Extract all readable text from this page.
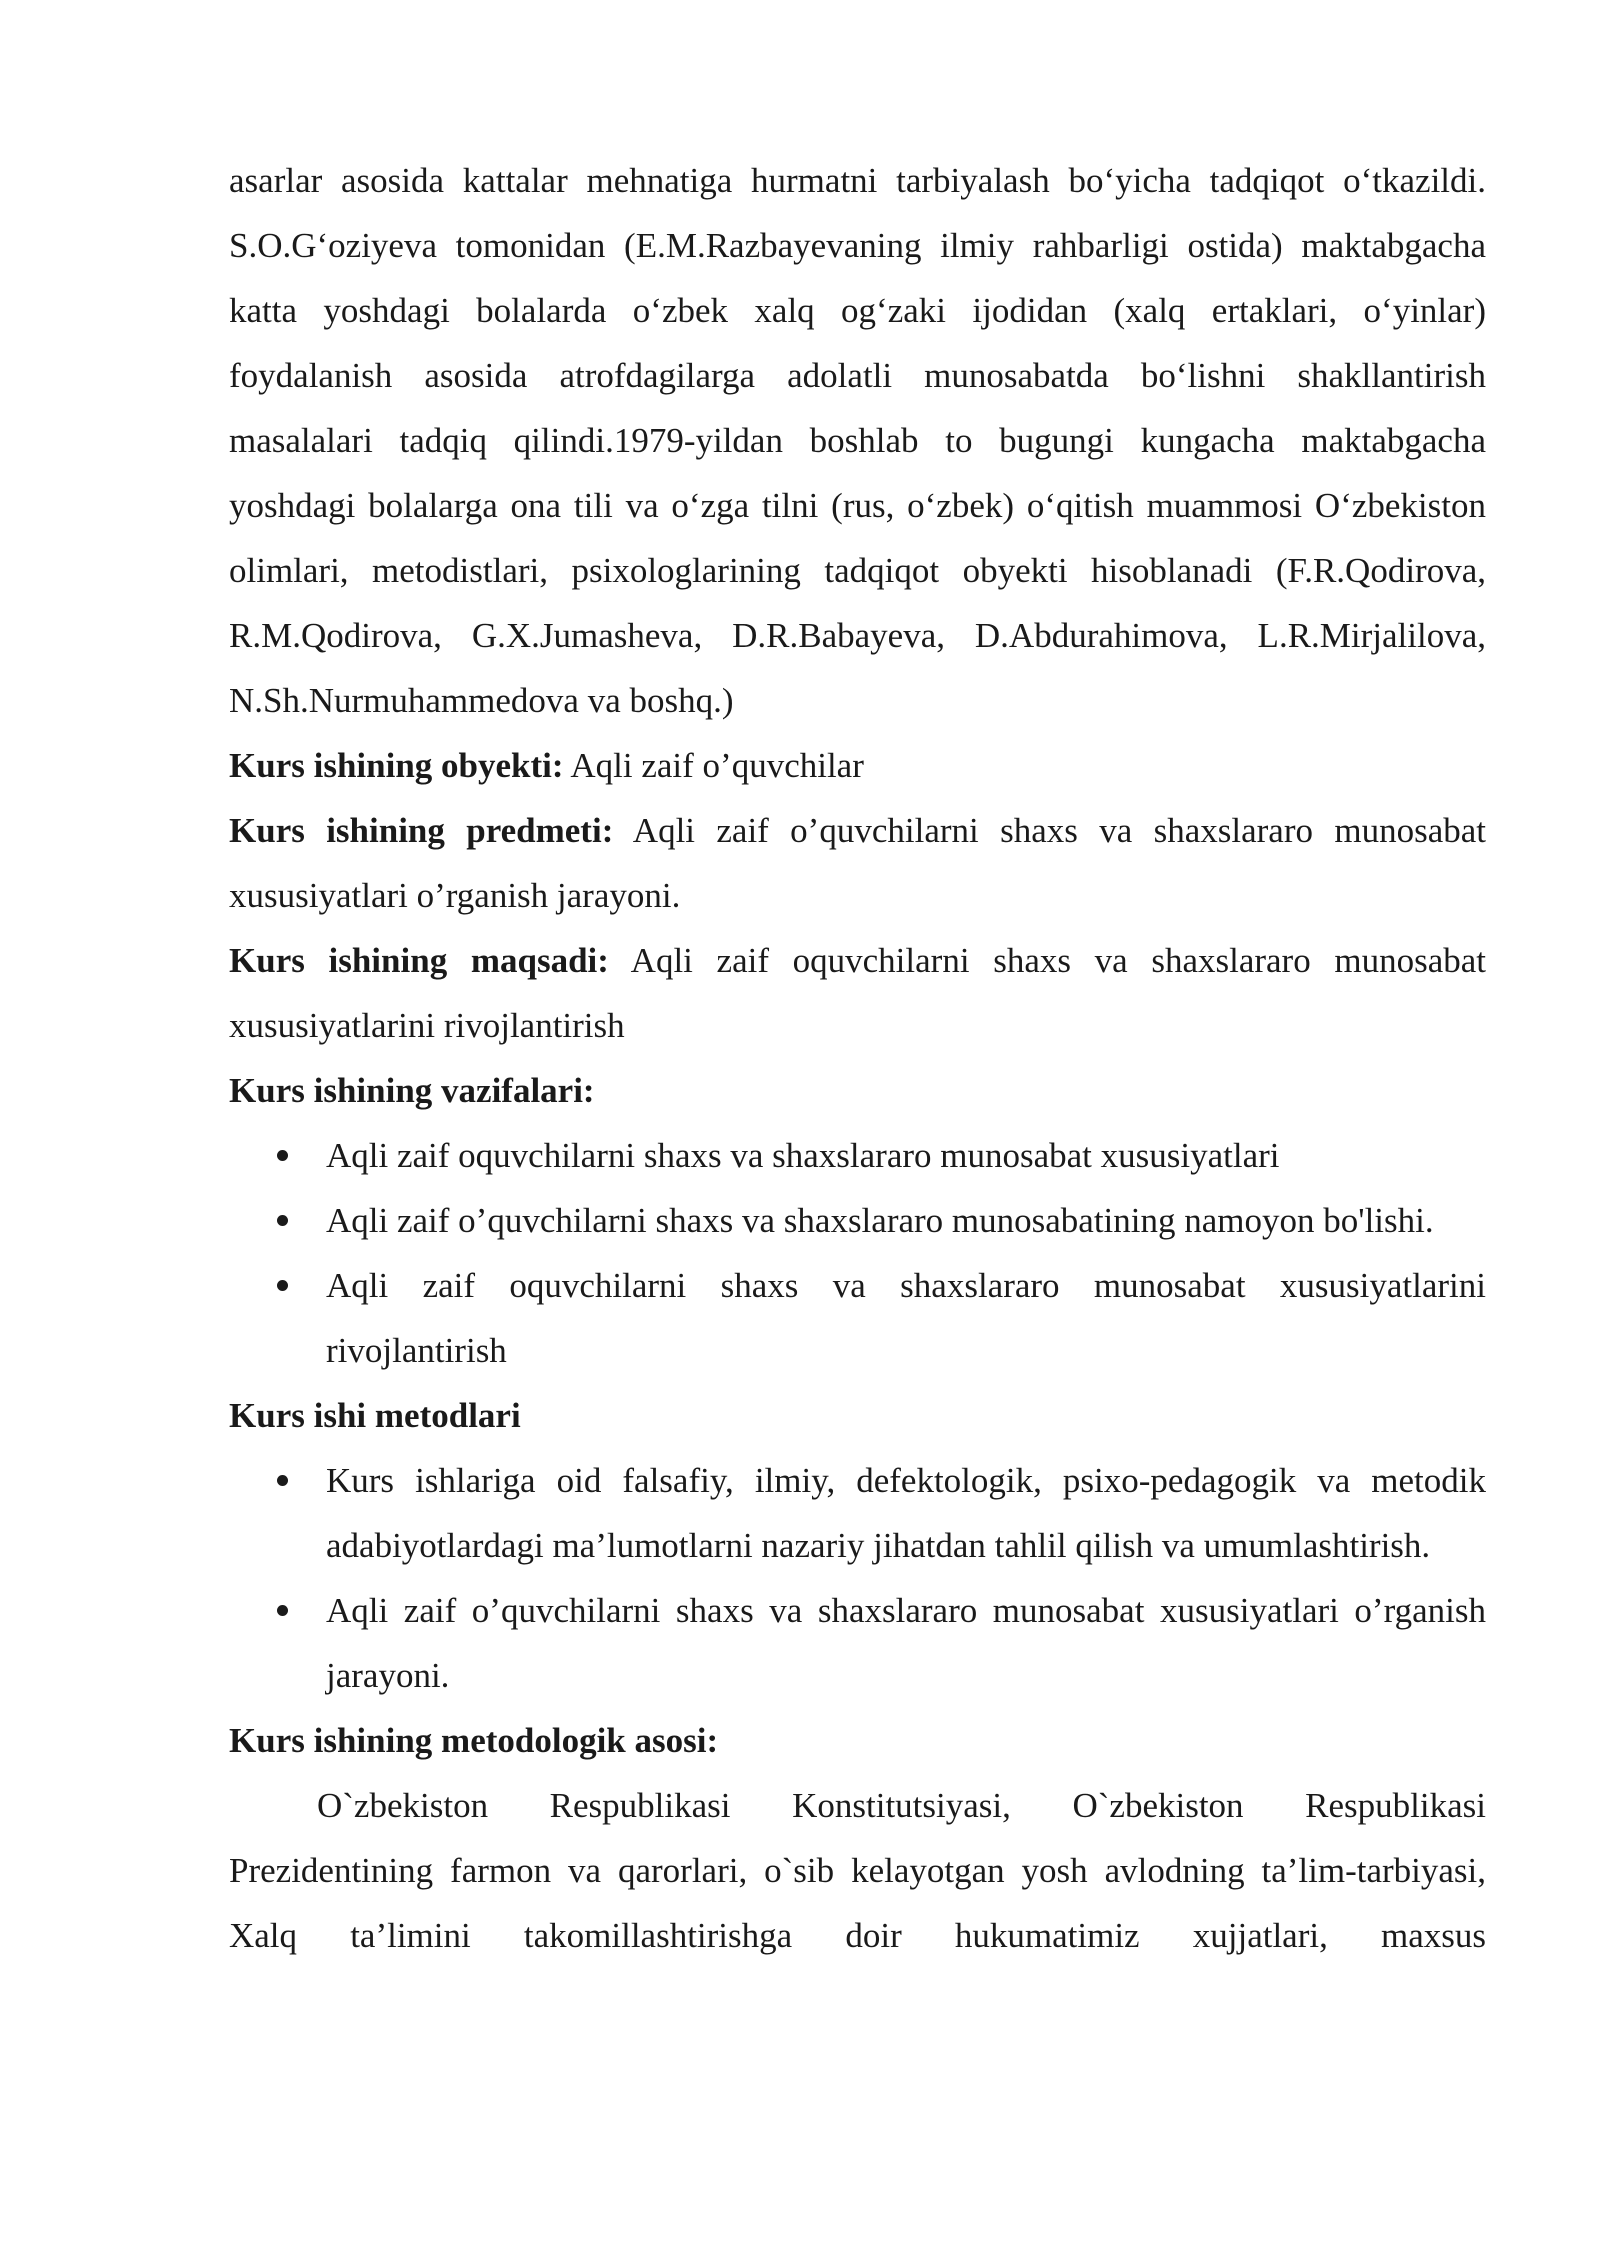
asarlar asosida kattalar mehnatiga hurmatni tarbiyalash bo‘yicha tadqiqot o‘tkazildi. S.O.G‘oziyeva tomonidan (E.M.Razbayevaning ilmiy rahbarligi ostida) maktabgacha katta yoshdagi bolalarda o‘zbek xalq og‘zaki ijodidan (xalq ertaklari, o‘yinlar) foydalanish asosida atrofdagilarga adolatli munosabatda bo‘lishni shakllantirish masalalari tadqiq qilindi.1979-yildan boshlab to bugungi kungacha maktabgacha yoshdagi bolalarga ona tili va o‘zga tilni (rus, o‘zbek) o‘qitish muammosi O‘zbekiston olimlari, metodistlari, psixologlarining tadqiqot obyekti hisoblanadi (F.R.Qodirova, R.M.Qodirova, G.X.Jumasheva, D.R.Babayeva, D.Abdurahimova, L.R.Mirjalilova, N.Sh.Nurmuhammedova va boshq.)

Kurs ishining obyekti: Aqli zaif o’quvchilar

Kurs ishining predmeti: Aqli zaif o’quvchilarni shaxs va shaxslararo munosabat xususiyatlari o’rganish jarayoni.

Kurs ishining maqsadi: Aqli zaif oquvchilarni shaxs va shaxslararo munosabat xususiyatlarini rivojlantirish

Kurs ishining vazifalari:

Aqli zaif oquvchilarni shaxs va shaxslararo munosabat xususiyatlari
Aqli zaif o’quvchilarni shaxs va shaxslararo munosabatining namoyon bo'lishi.
Aqli zaif oquvchilarni shaxs va shaxslararo munosabat xususiyatlarini rivojlantirish

Kurs ishi metodlari

Kurs ishlariga oid falsafiy, ilmiy, defektologik, psixo-pedagogik va metodik adabiyotlardagi ma’lumotlarni nazariy jihatdan tahlil qilish va umumlashtirish.
Aqli zaif o’quvchilarni shaxs va shaxslararo munosabat xususiyatlari o’rganish jarayoni.

Kurs ishining metodologik asosi:

O`zbekiston Respublikasi Konstitutsiyasi, O`zbekiston Respublikasi Prezidentining farmon va qarorlari, o`sib kelayotgan yosh avlodning ta’lim-tarbiyasi, Xalq ta’limini takomillashtirishga doir hukumatimiz xujjatlari, maxsus
